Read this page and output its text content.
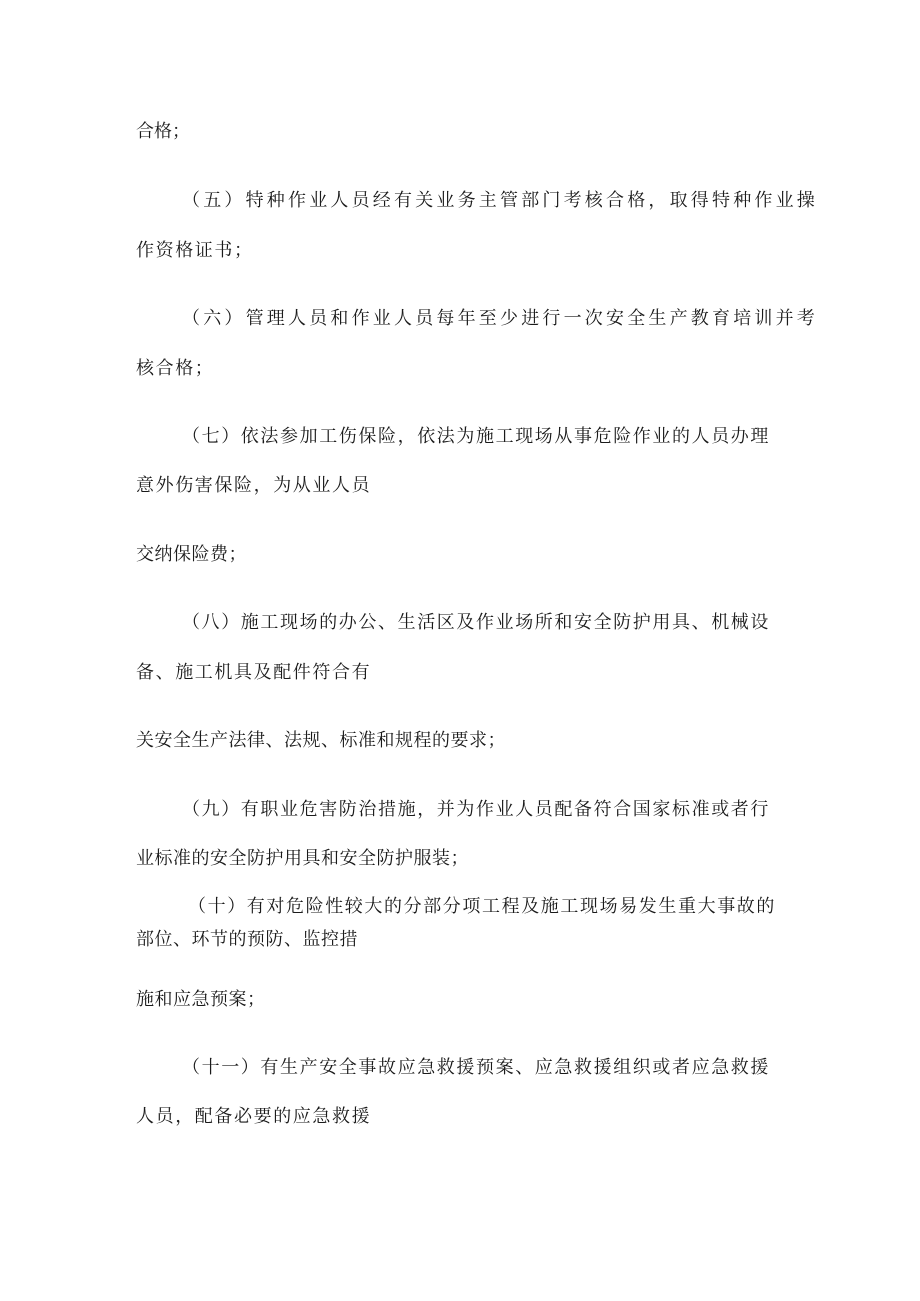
合格；
（五）特种作业人员经有关业务主管部门考核合格，取得特种作业操
作资格证书；
（六）管理人员和作业人员每年至少进行一次安全生产教育培训并考
核合格；
（七）依法参加工伤保险，依法为施工现场从事危险作业的人员办理
意外伤害保险，为从业人员
交纳保险费；
（八）施工现场的办公、生活区及作业场所和安全防护用具、机械设
备、施工机具及配件符合有
关安全生产法律、法规、标准和规程的要求；
（九）有职业危害防治措施，并为作业人员配备符合国家标准或者行
业标准的安全防护用具和安全防护服装；
（十）有对危险性较大的分部分项工程及施工现场易发生重大事故的
部位、环节的预防、监控措
施和应急预案；
（十一）有生产安全事故应急救援预案、应急救援组织或者应急救援
人员，配备必要的应急救援
